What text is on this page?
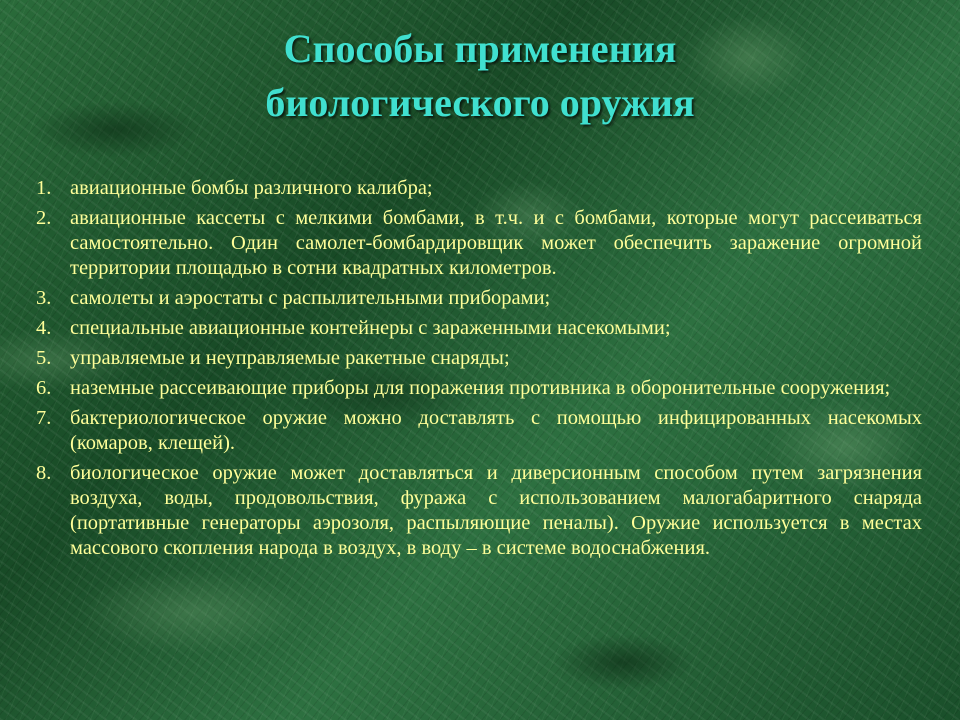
Способы применения
биологического оружия
1. авиационные бомбы различного калибра;
2. авиационные кассеты с мелкими бомбами, в т.ч. и с бомбами, которые могут рассеиваться самостоятельно. Один самолет-бомбардировщик может обеспечить заражение огромной территории площадью в сотни квадратных километров.
3. самолеты и аэростаты с распылительными приборами;
4. специальные авиационные контейнеры с зараженными насекомыми;
5. управляемые и неуправляемые ракетные снаряды;
6. наземные рассеивающие приборы для поражения противника в оборонительные сооружения;
7. бактериологическое оружие можно доставлять с помощью инфицированных насекомых (комаров, клещей).
8. биологическое оружие может доставляться и диверсионным способом путем загрязнения воздуха, воды, продовольствия, фуража с использованием малогабаритного снаряда (портативные генераторы аэрозоля, распыляющие пеналы). Оружие используется в местах массового скопления народа в воздух, в воду – в системе водоснабжения.
